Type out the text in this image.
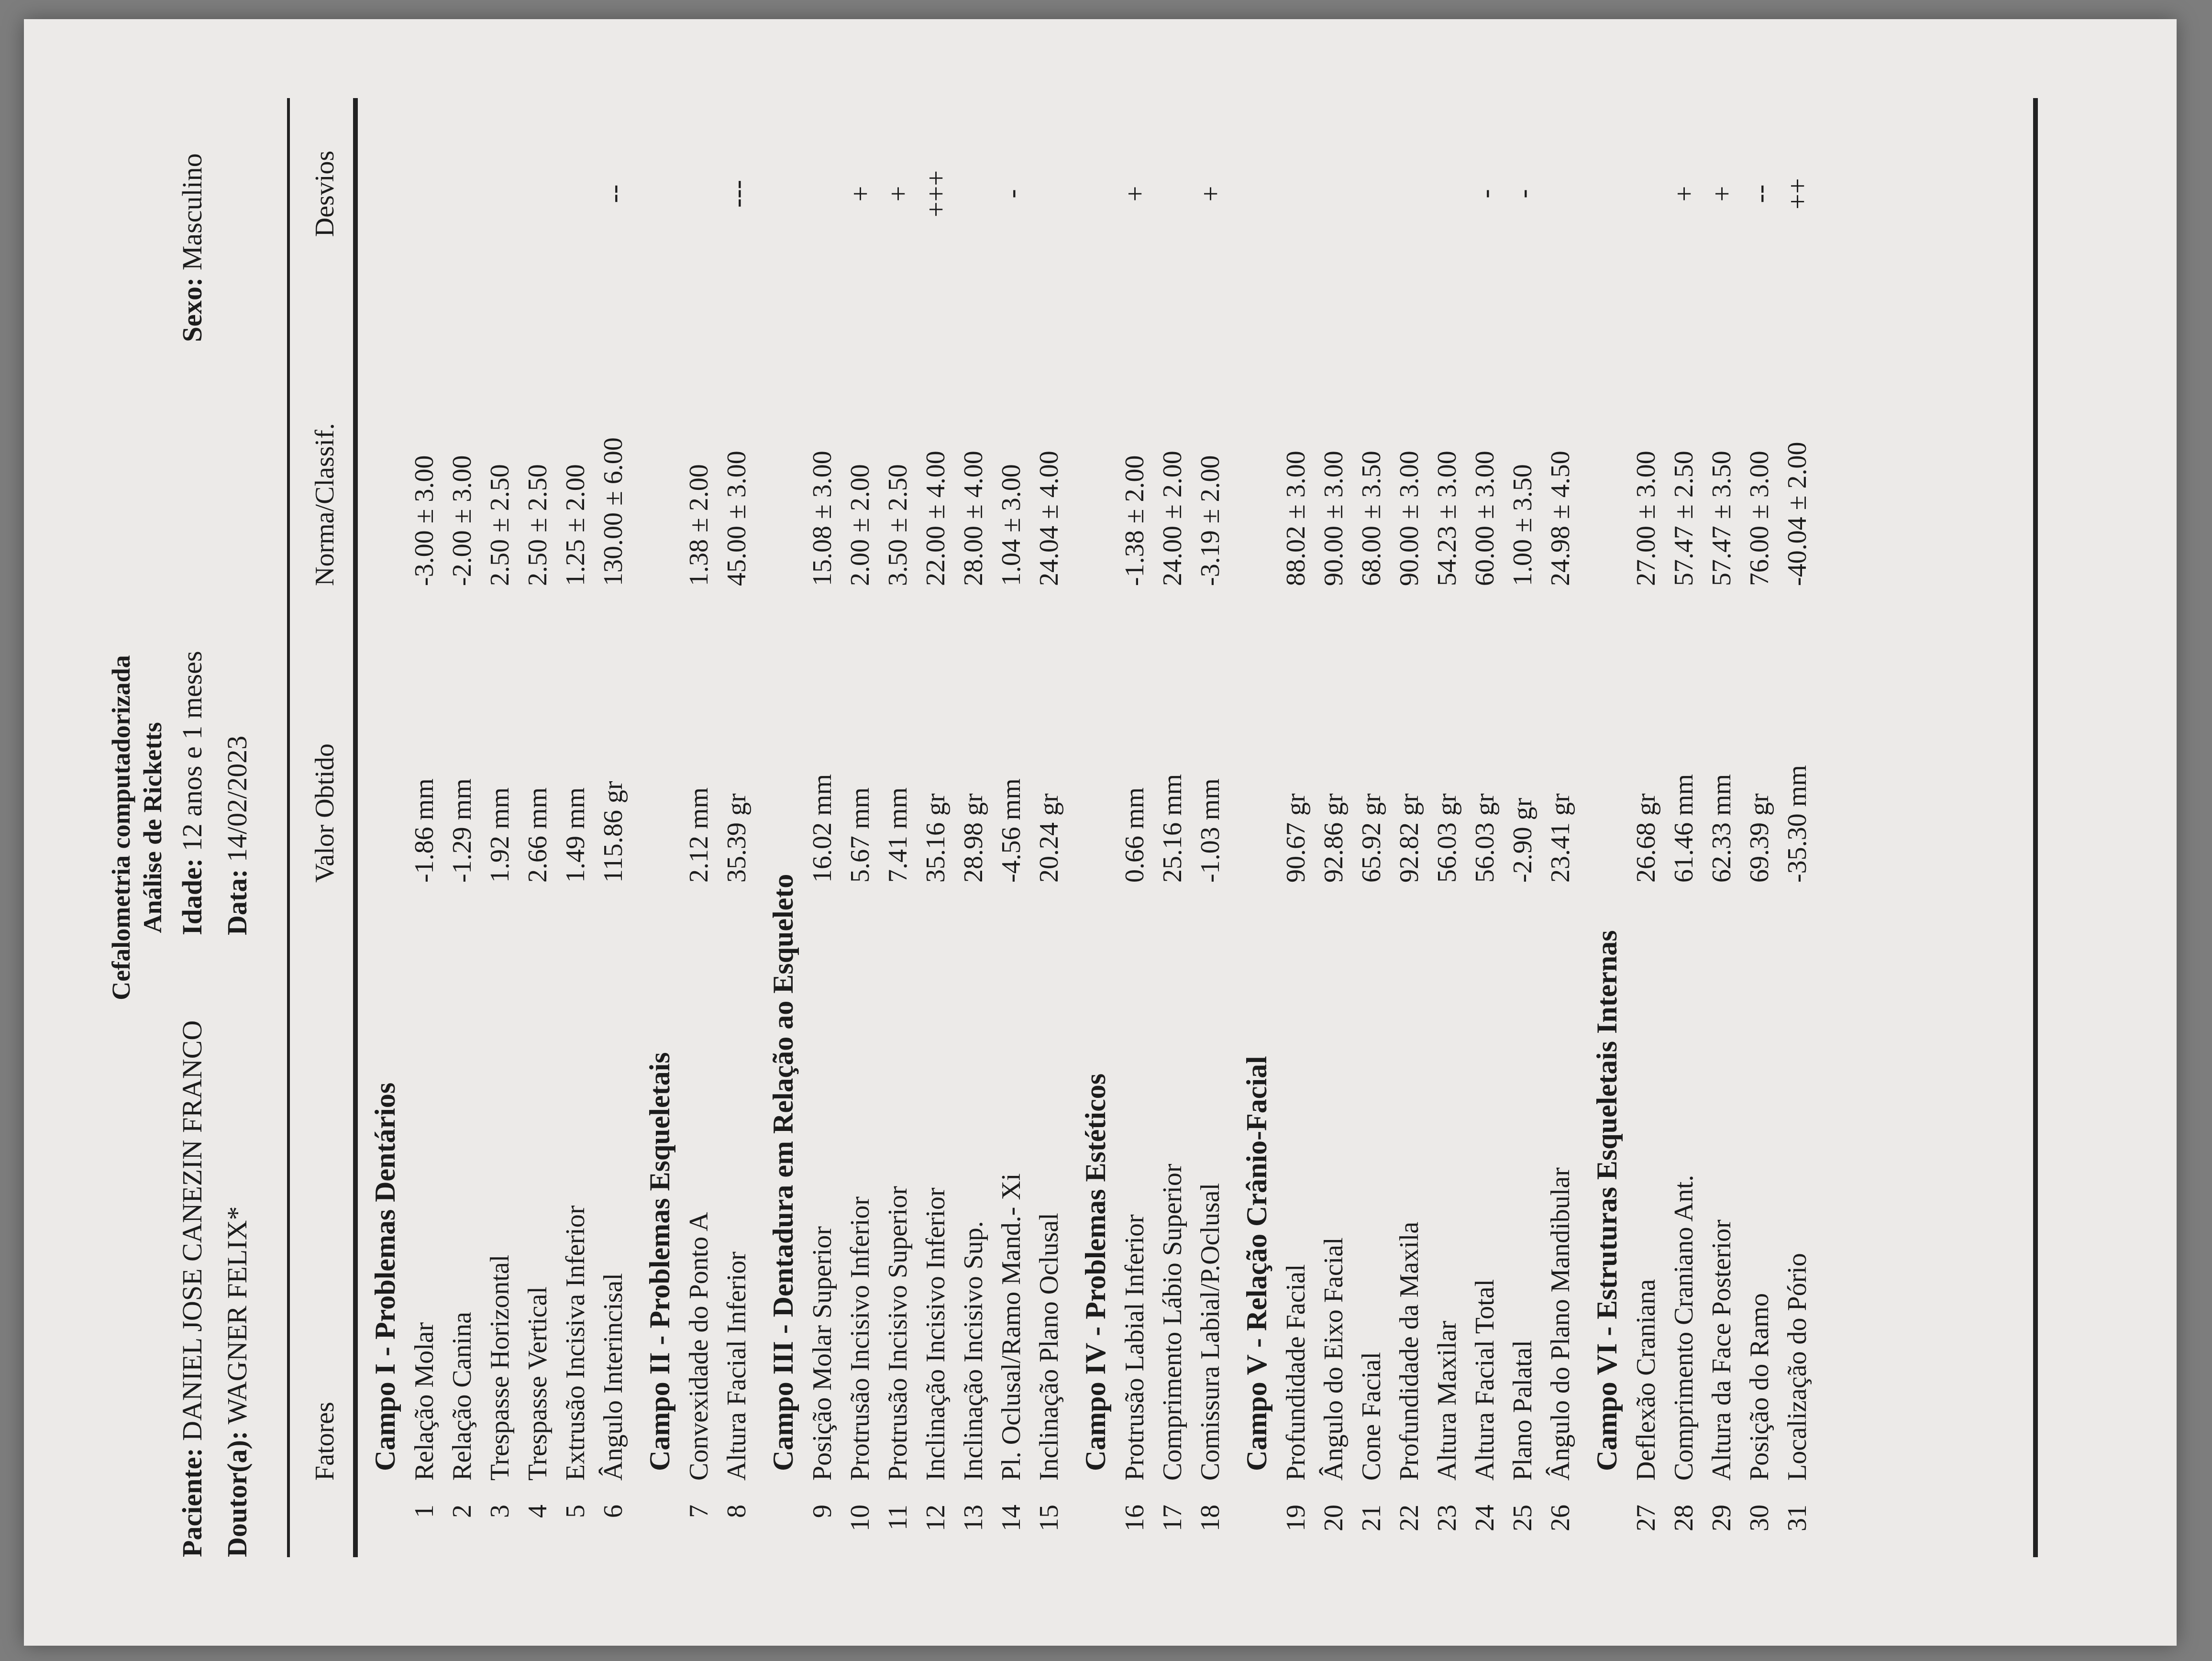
Cefalometria computadorizada Análise de Ricketts
Paciente: DANIEL JOSE CANEZIN FRANCO
Idade: 12 anos e 1 meses
Sexo: Masculino
Doutor(a): WAGNER FELIX*
Data: 14/02/2023
Fatores
Valor Obtido
Norma/Classif.
Desvios
Campo I - Problemas Dentários
1
Relação Molar
-1.86 mm
-3.00 ± 3.00
2
Relação Canina
-1.29 mm
-2.00 ± 3.00
3
Trespasse Horizontal
1.92 mm
2.50 ± 2.50
4
Trespasse Vertical
2.66 mm
2.50 ± 2.50
5
Extrusão Incisiva Inferior
1.49 mm
1.25 ± 2.00
6
Ângulo Interincisal
115.86 gr
130.00 ± 6.00
--
Campo II - Problemas Esqueletais
7
Convexidade do Ponto A
2.12 mm
1.38 ± 2.00
8
Altura Facial Inferior
35.39 gr
45.00 ± 3.00
---
Campo III - Dentadura em Relação ao Esqueleto
9
Posição Molar Superior
16.02 mm
15.08 ± 3.00
10
Protrusão Incisivo Inferior
5.67 mm
2.00 ± 2.00
+
11
Protrusão Incisivo Superior
7.41 mm
3.50 ± 2.50
+
12
Inclinação Incisivo Inferior
35.16 gr
22.00 ± 4.00
+++
13
Inclinação Incisivo Sup.
28.98 gr
28.00 ± 4.00
14
Pl. Oclusal/Ramo Mand.- Xi
-4.56 mm
1.04 ± 3.00
-
15
Inclinação Plano Oclusal
20.24 gr
24.04 ± 4.00
Campo IV - Problemas Estéticos
16
Protrusão Labial Inferior
0.66 mm
-1.38 ± 2.00
+
17
Comprimento Lábio Superior
25.16 mm
24.00 ± 2.00
18
Comissura Labial/P.Oclusal
-1.03 mm
-3.19 ± 2.00
+
Campo V - Relação Crânio-Facial
19
Profundidade Facial
90.67 gr
88.02 ± 3.00
20
Ângulo do Eixo Facial
92.86 gr
90.00 ± 3.00
21
Cone Facial
65.92 gr
68.00 ± 3.50
22
Profundidade da Maxila
92.82 gr
90.00 ± 3.00
23
Altura Maxilar
56.03 gr
54.23 ± 3.00
24
Altura Facial Total
56.03 gr
60.00 ± 3.00
-
25
Plano Palatal
-2.90 gr
1.00 ± 3.50
-
26
Ângulo do Plano Mandibular
23.41 gr
24.98 ± 4.50
Campo VI - Estruturas Esqueletais Internas
27
Deflexão Craniana
26.68 gr
27.00 ± 3.00
28
Comprimento Craniano Ant.
61.46 mm
57.47 ± 2.50
+
29
Altura da Face Posterior
62.33 mm
57.47 ± 3.50
+
30
Posição do Ramo
69.39 gr
76.00 ± 3.00
--
31
Localização do Pório
-35.30 mm
-40.04 ± 2.00
++
